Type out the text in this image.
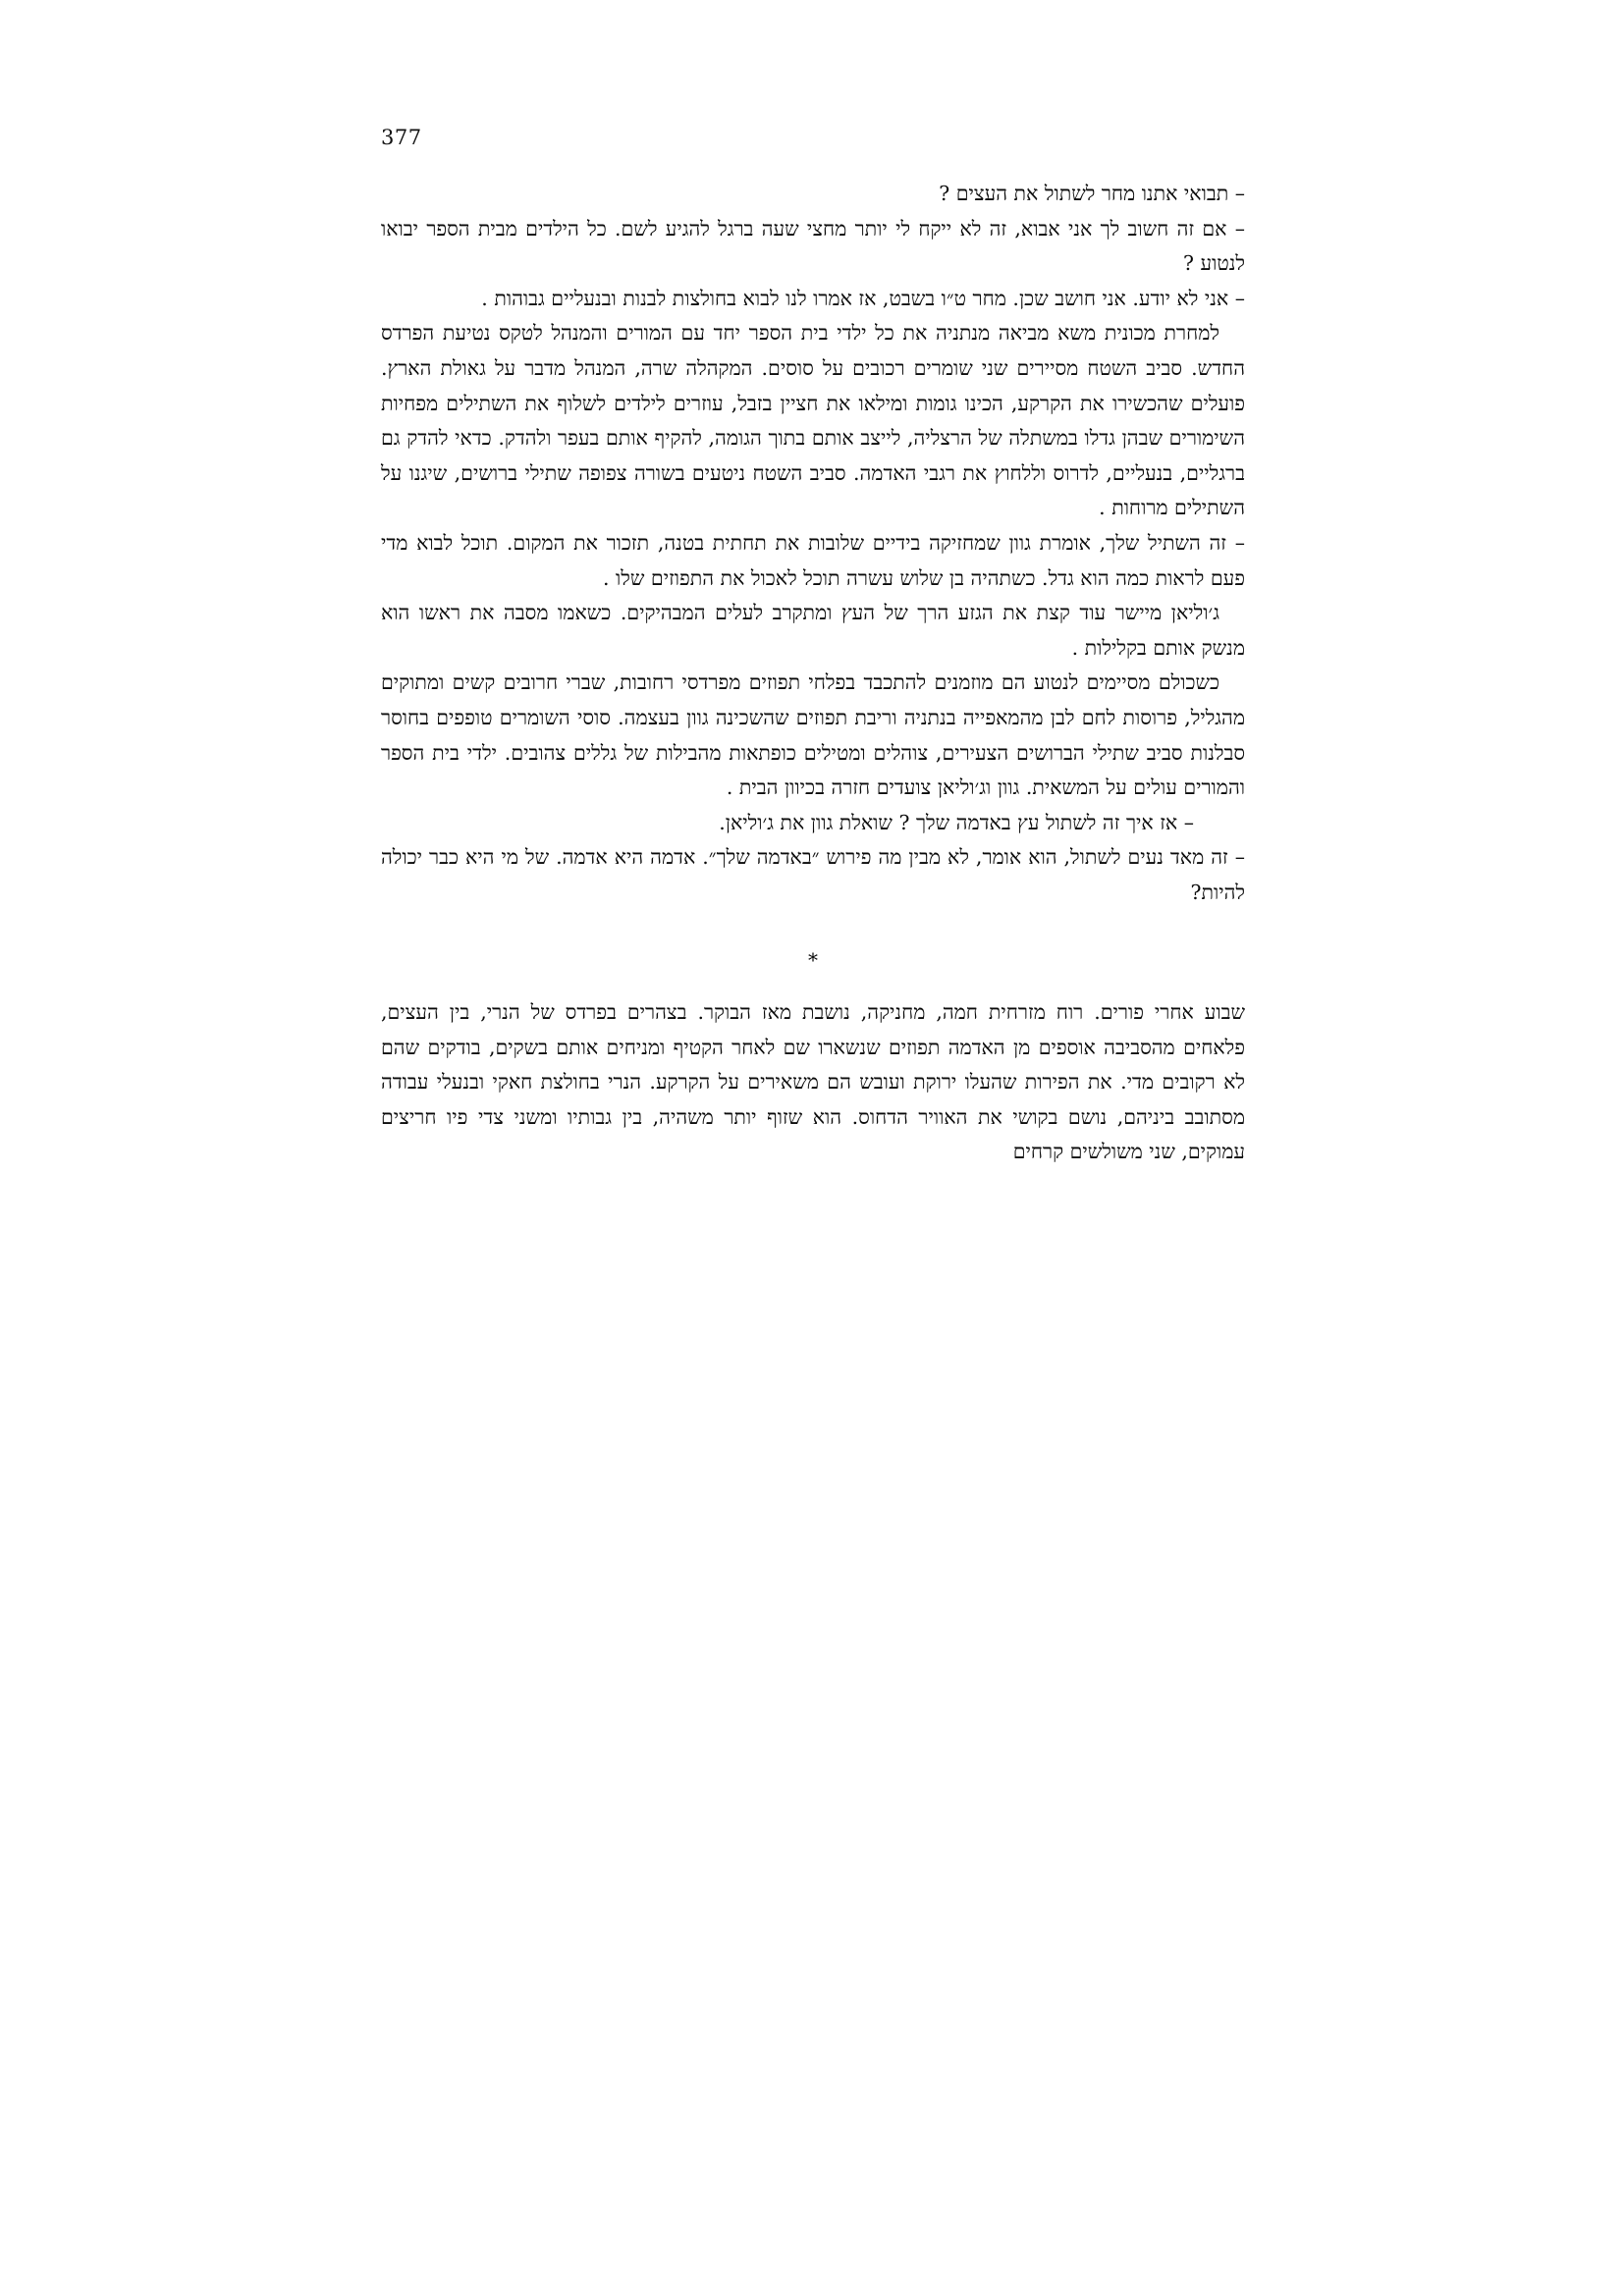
377

– תבואי אתנו מחר לשתול את העצים ?

– אם זה חשוב לך אני אבוא, זה לא ייקח לי יותר מחצי שעה ברגל להגיע לשם. כל הילדים מבית הספר יבואו לנטוע ?

– אני לא יודע. אני חושב שכן. מחר ט״ו בשבט, אז אמרו לנו לבוא בחולצות לבנות ובנעליים גבוהות .

למחרת מכונית משא מביאה מנתניה את כל ילדי בית הספר יחד עם המורים והמנהל לטקס נטיעת הפרדס החדש. סביב השטח מסיירים שני שומרים רכובים על סוסים. המקהלה שרה, המנהל מדבר על גאולת הארץ. פועלים שהכשירו את הקרקע, הכינו גומות ומילאו את חציין בזבל, עוזרים לילדים לשלוף את השתילים מפחיות השימורים שבהן גדלו במשתלה של הרצליה, לייצב אותם בתוך הגומה, להקיף אותם בעפר ולהדק. כדאי להדק גם ברגליים, בנעליים, לדרוס וללחוץ את רגבי האדמה. סביב השטח ניטעים בשורה צפופה שתילי ברושים, שיגנו על השתילים מרוחות .

– זה השתיל שלך, אומרת גוון שמחזיקה בידיים שלובות את תחתית בטנה, תזכור את המקום. תוכל לבוא מדי פעם לראות כמה הוא גדל. כשתהיה בן שלוש עשרה תוכל לאכול את התפוזים שלו .

ג׳וליאן מיישר עוד קצת את הגזע הרך של העץ ומתקרב לעלים המבהיקים. כשאמו מסבה את ראשו הוא מנשק אותם בקלילות .

כשכולם מסיימים לנטוע הם מוזמנים להתכבד בפלחי תפוזים מפרדסי רחובות, שברי חרובים קשים ומתוקים מהגליל, פרוסות לחם לבן מהמאפייה בנתניה וריבת תפוזים שהשכינה גוון בעצמה. סוסי השומרים טופפים בחוסר סבלנות סביב שתילי הברושים הצעירים, צוהלים ומטילים כופתאות מהבילות של גללים צהובים. ילדי בית הספר והמורים עולים על המשאית. גוון וג׳וליאן צועדים חזרה בכיוון הבית .

– אז איך זה לשתול עץ באדמה שלך ? שואלת גוון את ג׳וליאן.

– זה מאד נעים לשתול, הוא אומר, לא מבין מה פירוש ״באדמה שלך״. אדמה היא אדמה. של מי היא כבר יכולה להיות?

*

שבוע אחרי פורים. רוח מזרחית חמה, מחניקה, נושבת מאז הבוקר. בצהרים בפרדס של הנרי, בין העצים, פלאחים מהסביבה אוספים מן האדמה תפוזים שנשארו שם לאחר הקטיף ומניחים אותם בשקים, בודקים שהם לא רקובים מדי. את הפירות שהעלו ירוקת ועובש הם משאירים על הקרקע. הנרי בחולצת חאקי ובנעלי עבודה מסתובב ביניהם, נושם בקושי את האוויר הדחוס. הוא שזוף יותר משהיה, בין גבותיו ומשני צדי פיו חריצים עמוקים, שני משולשים קרחים
